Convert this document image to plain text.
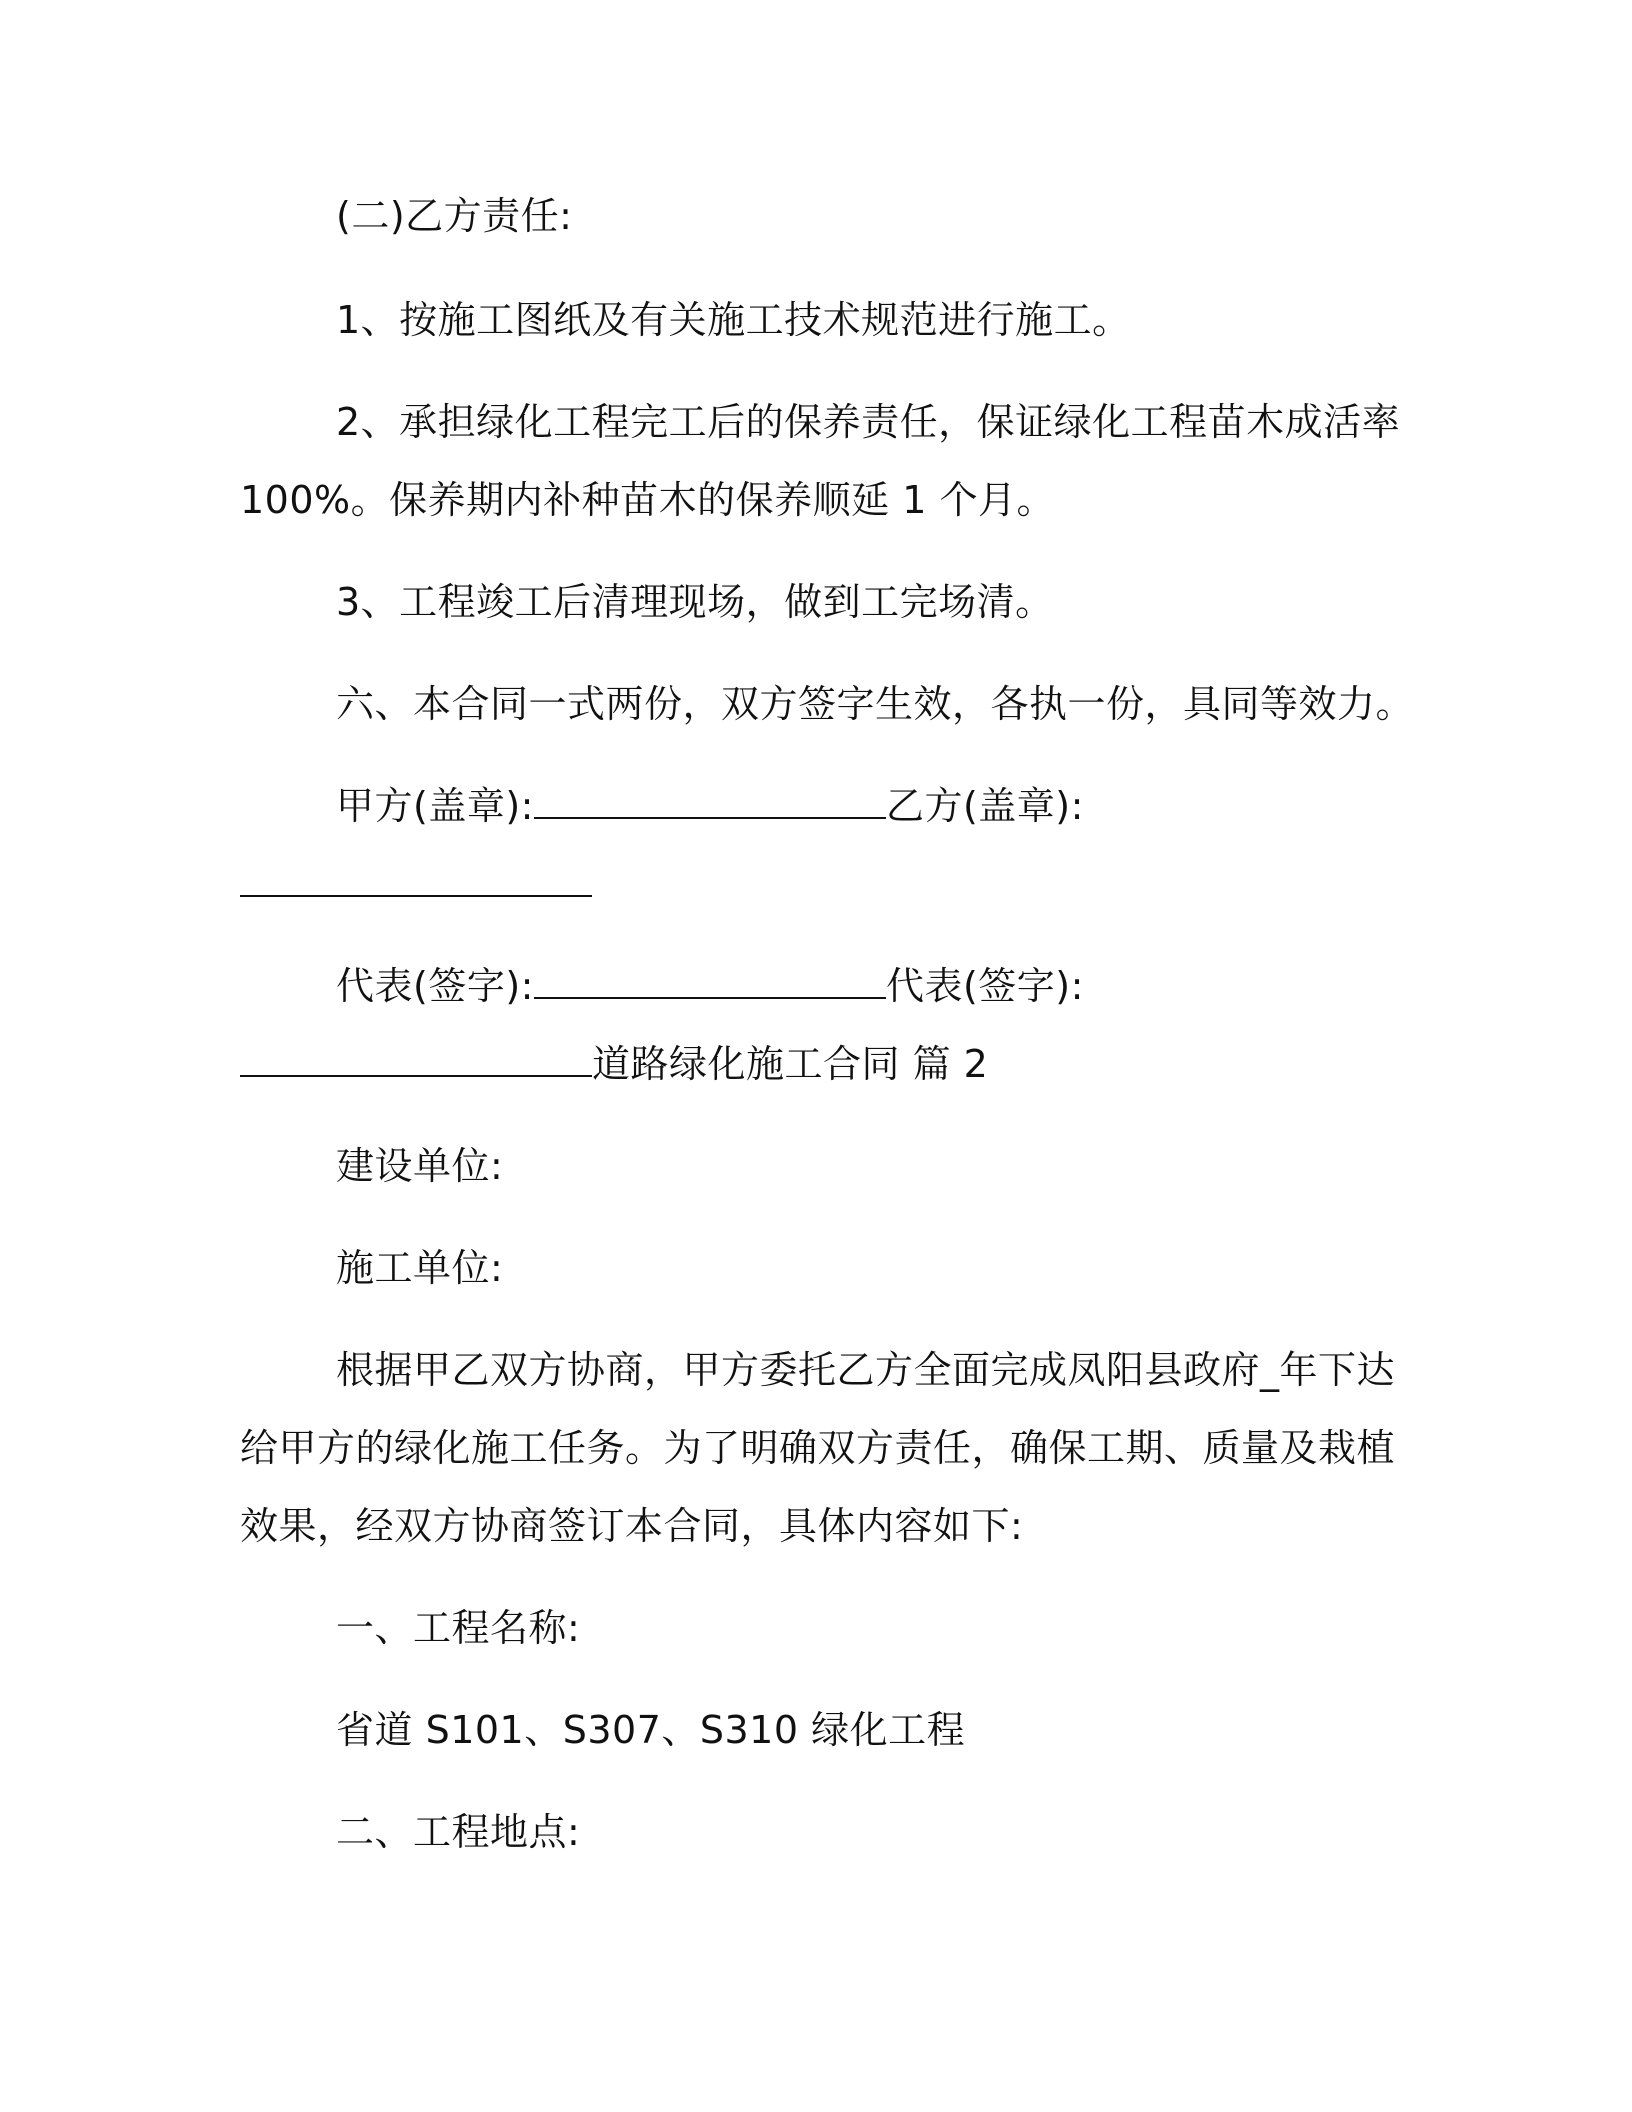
(二)乙方责任:
1、按施工图纸及有关施工技术规范进行施工。
2、承担绿化工程完工后的保养责任，保证绿化工程苗木成活率
100%。保养期内补种苗木的保养顺延 1 个月。
3、工程竣工后清理现场，做到工完场清。
六、本合同一式两份，双方签字生效，各执一份，具同等效力。
甲方(盖章):	乙方(盖章):
代表(签字):	代表(签字):
道路绿化施工合同 篇 2
建设单位:
施工单位:
根据甲乙双方协商，甲方委托乙方全面完成凤阳县政府_年下达
给甲方的绿化施工任务。为了明确双方责任，确保工期、质量及栽植
效果，经双方协商签订本合同，具体内容如下:
一、工程名称:
省道 S101、S307、S310 绿化工程
二、工程地点:
